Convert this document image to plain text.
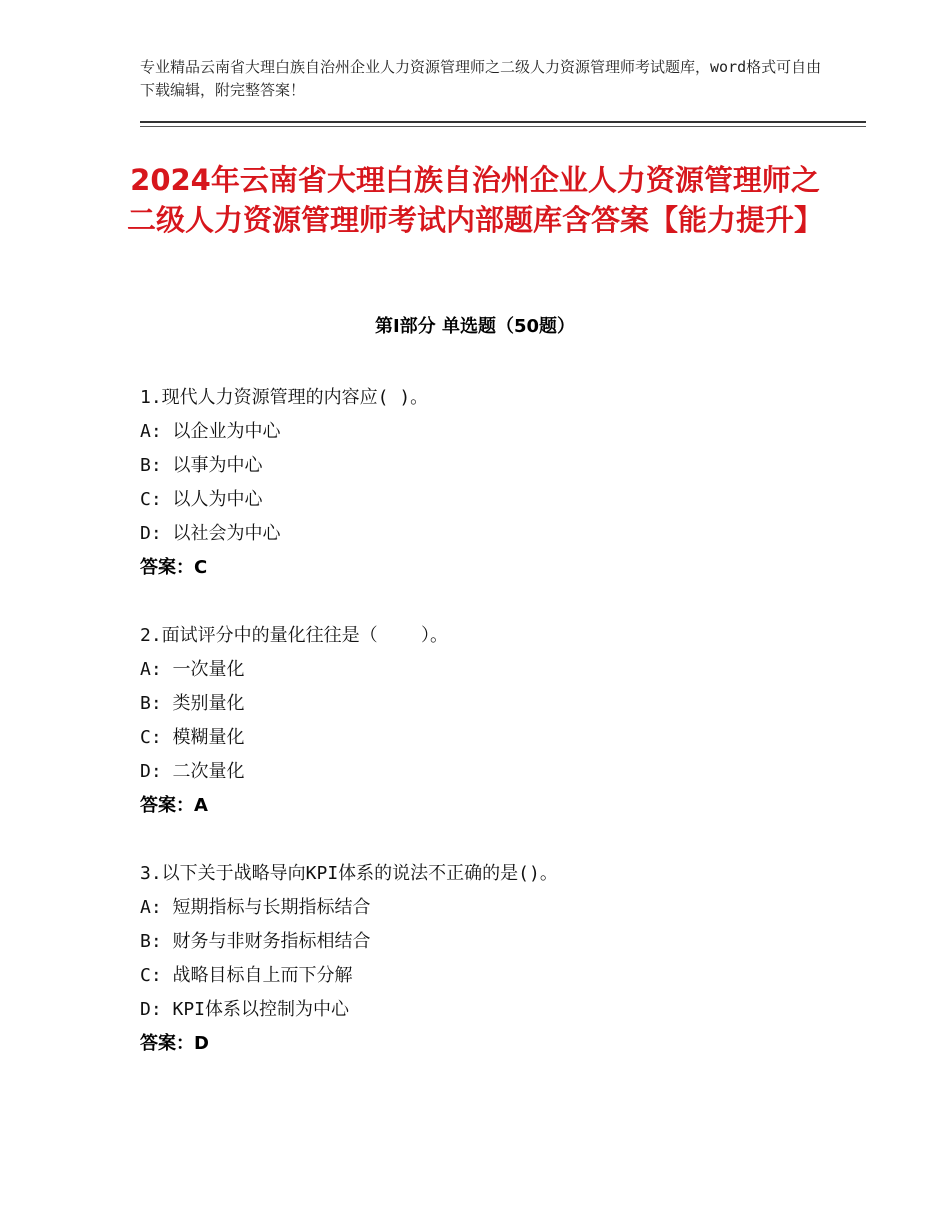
专业精品云南省大理白族自治州企业人力资源管理师之二级人力资源管理师考试题库，word格式可自由下载编辑，附完整答案！
2024年云南省大理白族自治州企业人力资源管理师之二级人力资源管理师考试内部题库含答案【能力提升】
第Ⅰ部分 单选题（50题）
1.现代人力资源管理的内容应( )。
A: 以企业为中心
B: 以事为中心
C: 以人为中心
D: 以社会为中心
答案：C
2.面试评分中的量化往往是（    ）。
A: 一次量化
B: 类别量化
C: 模糊量化
D: 二次量化
答案：A
3.以下关于战略导向KPI体系的说法不正确的是()。
A: 短期指标与长期指标结合
B: 财务与非财务指标相结合
C: 战略目标自上而下分解
D: KPI体系以控制为中心
答案：D
